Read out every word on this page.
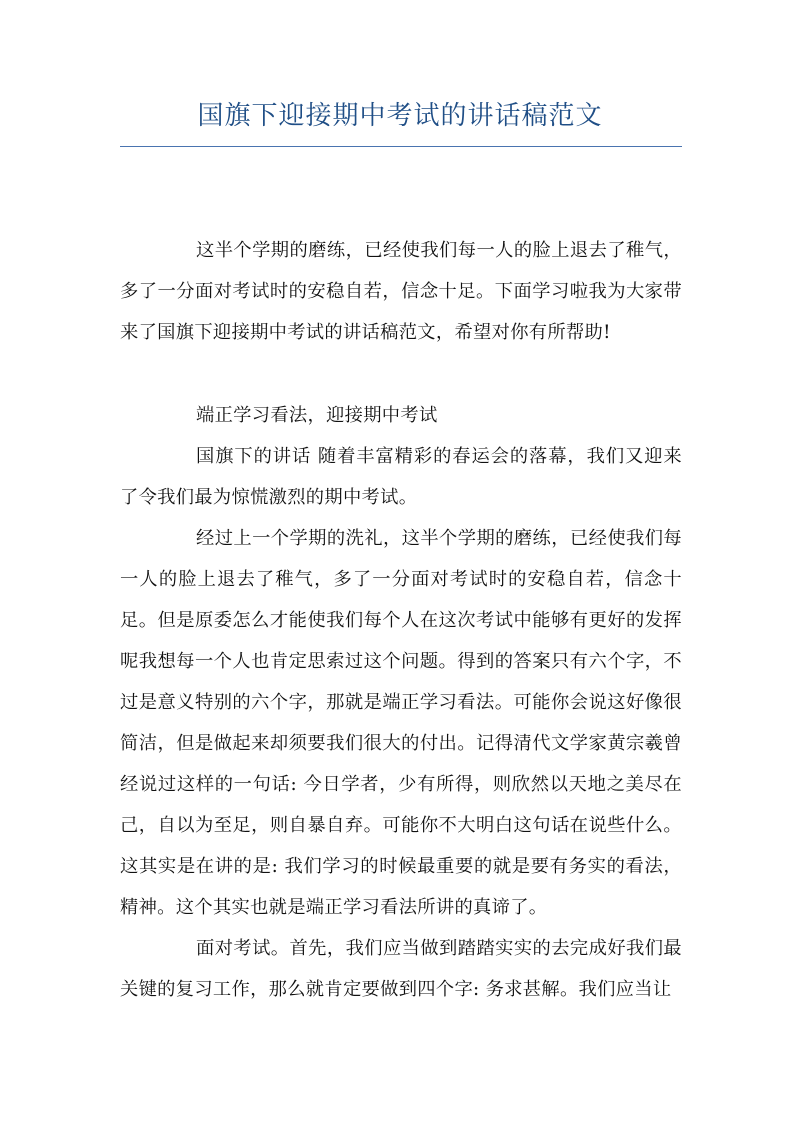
国旗下迎接期中考试的讲话稿范文

这半个学期的磨练，已经使我们每一人的脸上退去了稚气，多了一分面对考试时的安稳自若，信念十足。下面学习啦我为大家带来了国旗下迎接期中考试的讲话稿范文，希望对你有所帮助!

端正学习看法，迎接期中考试

国旗下的讲话 随着丰富精彩的春运会的落幕，我们又迎来了令我们最为惊慌激烈的期中考试。

经过上一个学期的洗礼，这半个学期的磨练，已经使我们每一人的脸上退去了稚气，多了一分面对考试时的安稳自若，信念十足。但是原委怎么才能使我们每个人在这次考试中能够有更好的发挥呢我想每一个人也肯定思索过这个问题。得到的答案只有六个字，不过是意义特别的六个字，那就是端正学习看法。可能你会说这好像很简洁，但是做起来却须要我们很大的付出。记得清代文学家黄宗羲曾经说过这样的一句话: 今日学者，少有所得，则欣然以天地之美尽在己，自以为至足，则自暴自弃。可能你不大明白这句话在说些什么。这其实是在讲的是: 我们学习的时候最重要的就是要有务实的看法，精神。这个其实也就是端正学习看法所讲的真谛了。

面对考试。首先，我们应当做到踏踏实实的去完成好我们最关键的复习工作，那么就肯定要做到四个字: 务求甚解。我们应当让
